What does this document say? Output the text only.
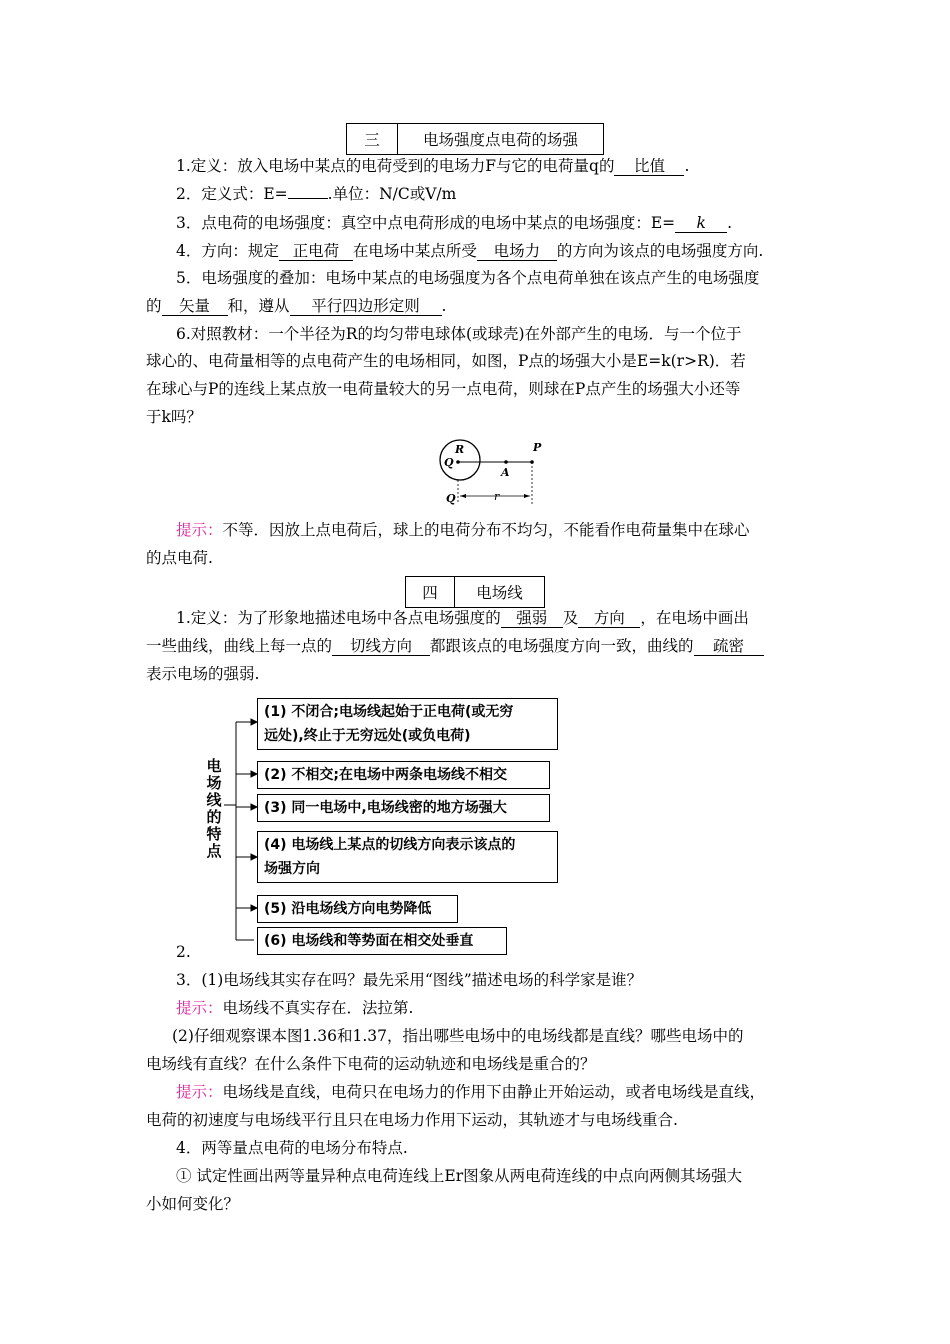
三	电场强度点电荷的场强
1.定义：放入电场中某点的电荷受到的电场力F与它的电荷量q的 比值 .
2．定义式：E=	.单位：N/C或V/m
3．点电荷的电场强度：真空中点电荷形成的电场中某点的电场强度：E= k .
4．方向：规定 正电荷 在电场中某点所受 电场力 的方向为该点的电场强度方向.
5．电场强度的叠加：电场中某点的电场强度为各个点电荷单独在该点产生的电场强度
的 矢量 和，遵从 平行四边形定则 .
6.对照教材：一个半径为R的均匀带电球体(或球壳)在外部产生的电场．与一个位于
球心的、电荷量相等的点电荷产生的电场相同，如图，P点的场强大小是E=k(r>R)．若
在球心与P的连线上某点放一电荷量较大的另一点电荷，则球在P点产生的场强大小还等
于k吗？
R
Q
A
P
Q	r
提示：不等．因放上点电荷后，球上的电荷分布不均匀，不能看作电荷量集中在球心
的点电荷.
四	电场线
1.定义：为了形象地描述电场中各点电场强度的 强弱 及 方向 ，在电场中画出
一些曲线，曲线上每一点的 切线方向 都跟该点的电场强度方向一致，曲线的 疏密
表示电场的强弱.
电场线的特点
(1) 不闭合;电场线起始于正电荷(或无穷
远处),终止于无穷远处(或负电荷)
(2) 不相交;在电场中两条电场线不相交
(3) 同一电场中,电场线密的地方场强大
(4) 电场线上某点的切线方向表示该点的
场强方向
(5) 沿电场线方向电势降低
(6) 电场线和等势面在相交处垂直
2.
3．(1)电场线其实存在吗？最先采用“图线”描述电场的科学家是谁？
提示：电场线不真实存在．法拉第.
(2)仔细观察课本图1.36和1.37，指出哪些电场中的电场线都是直线？哪些电场中的
电场线有直线？在什么条件下电荷的运动轨迹和电场线是重合的？
提示：电场线是直线，电荷只在电场力的作用下由静止开始运动，或者电场线是直线，
电荷的初速度与电场线平行且只在电场力作用下运动，其轨迹才与电场线重合.
4．两等量点电荷的电场分布特点.
① 试定性画出两等量异种点电荷连线上Er图象从两电荷连线的中点向两侧其场强大
小如何变化？
